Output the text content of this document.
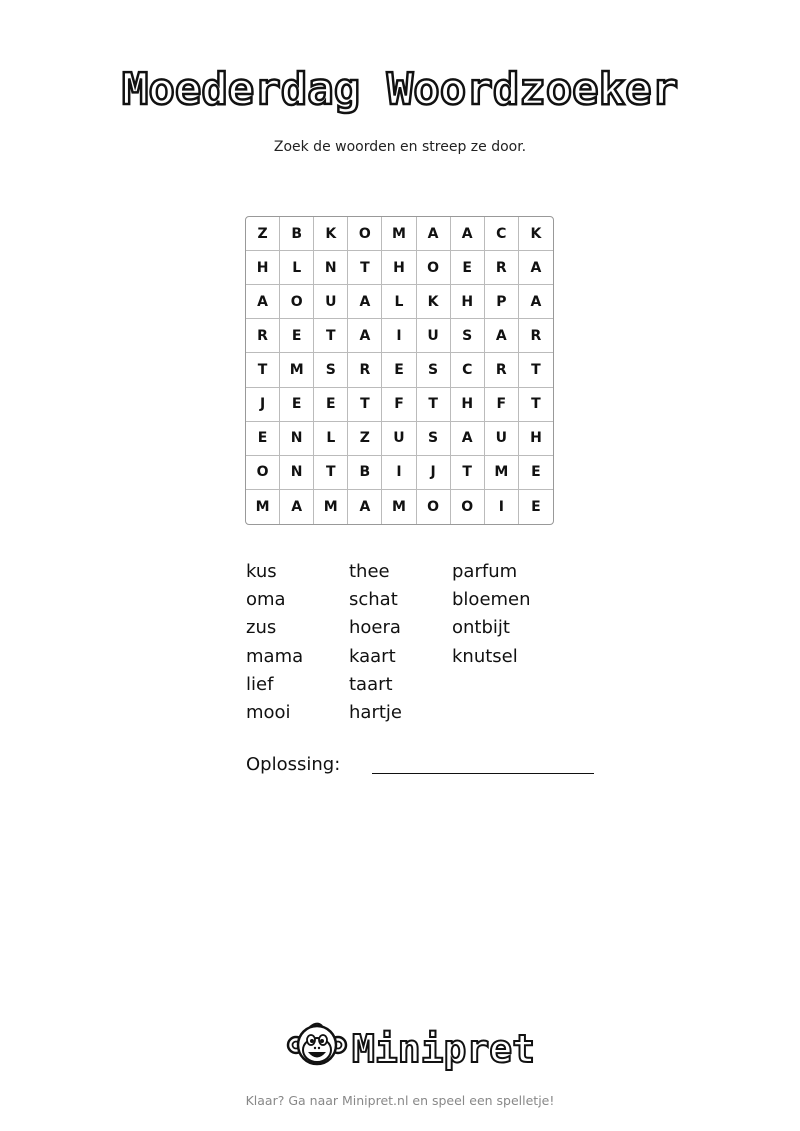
Moederdag Woordzoeker
Zoek de woorden en streep ze door.
Z	B	K	O	M	A	A	C	K
H	L	N	T	H	O	E	R	A
A	O	U	A	L	K	H	P	A
R	E	T	A	I	U	S	A	R
T	M	S	R	E	S	C	R	T
J	E	E	T	F	T	H	F	T
E	N	L	Z	U	S	A	U	H
O	N	T	B	I	J	T	M	E
M	A	M	A	M	O	O	I	E
kus
oma
zus
mama
lief
mooi
thee
schat
hoera
kaart
taart
hartje
parfum
bloemen
ontbijt
knutsel
Oplossing:
Minipret
Klaar? Ga naar Minipret.nl en speel een spelletje!
